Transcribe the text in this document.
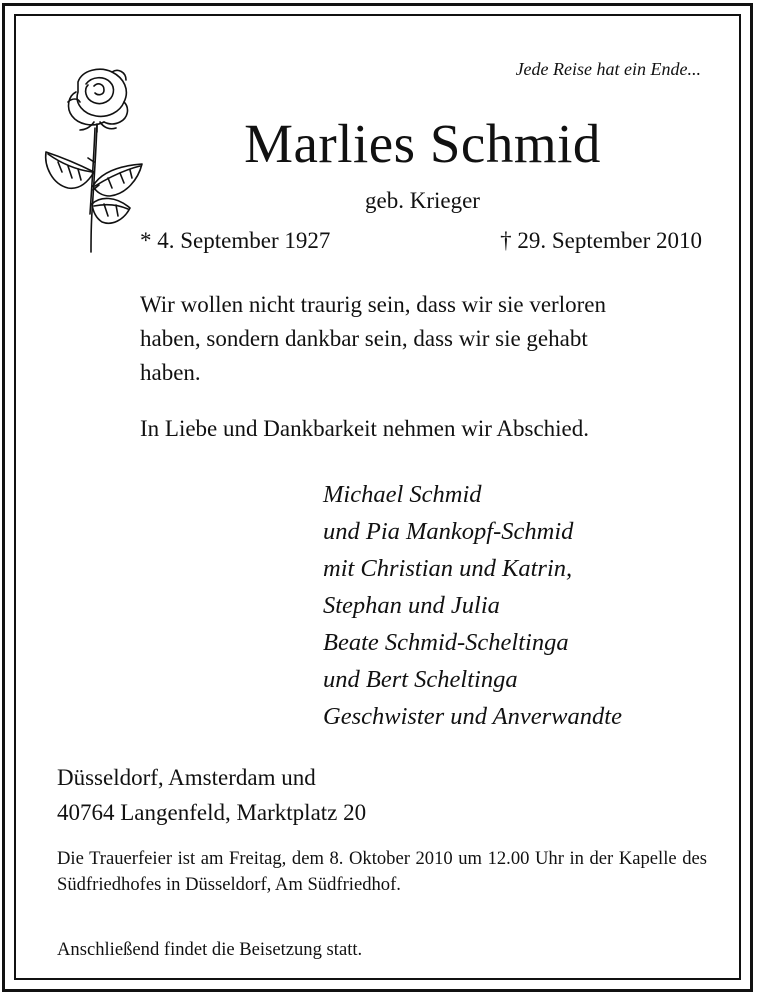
Jede Reise hat ein Ende...
Marlies Schmid
geb. Krieger
* 4. September 1927	† 29. September 2010
Wir wollen nicht traurig sein, dass wir sie verloren
haben, sondern dankbar sein, dass wir sie gehabt
haben.
In Liebe und Dankbarkeit nehmen wir Abschied.
Michael Schmid
und Pia Mankopf-Schmid
mit Christian und Katrin,
Stephan und Julia
Beate Schmid-Scheltinga
und Bert Scheltinga
Geschwister und Anverwandte
Düsseldorf, Amsterdam und
40764 Langenfeld, Marktplatz 20
Die Trauerfeier ist am Freitag, dem 8. Oktober 2010 um 12.00 Uhr in der Kapelle des Südfriedhofes in Düsseldorf, Am Südfriedhof.
Anschließend findet die Beisetzung statt.
